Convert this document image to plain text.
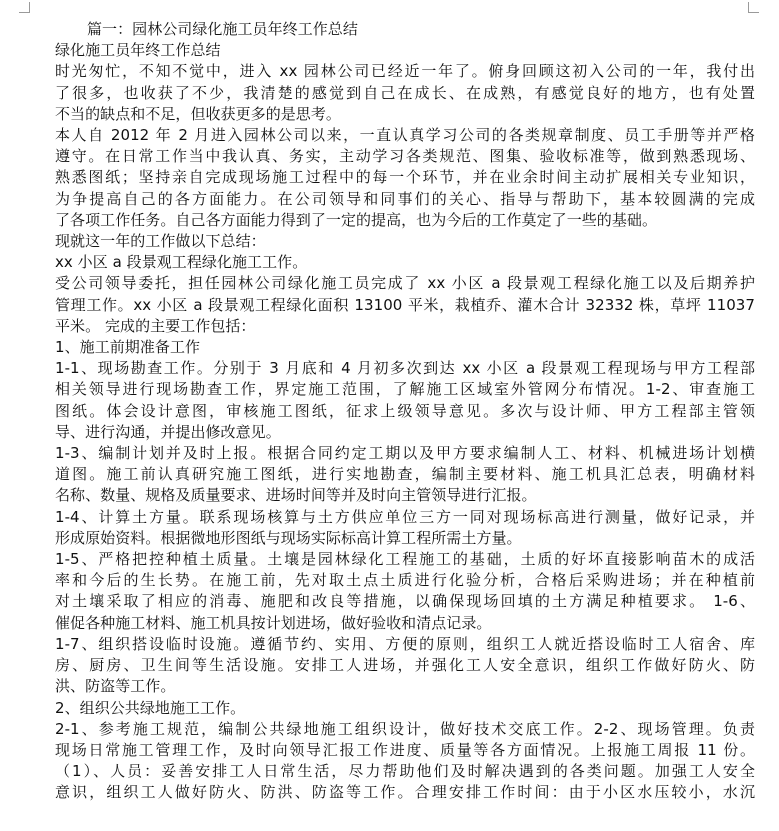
篇一：园林公司绿化施工员年终工作总结
绿化施工员年终工作总结
时光匆忙，不知不觉中，进入 xx 园林公司已经近一年了。俯身回顾这初入公司的一年，我付出
了很多，也收获了不少，我清楚的感觉到自己在成长、在成熟，有感觉良好的地方，也有处置
不当的缺点和不足，但收获更多的是思考。
本人自 2012 年 2 月进入园林公司以来，一直认真学习公司的各类规章制度、员工手册等并严格
遵守。在日常工作当中我认真、务实，主动学习各类规范、图集、验收标准等，做到熟悉现场、
熟悉图纸；坚持亲自完成现场施工过程中的每一个环节，并在业余时间主动扩展相关专业知识，
为争提高自己的各方面能力。在公司领导和同事们的关心、指导与帮助下，基本较圆满的完成
了各项工作任务。自己各方面能力得到了一定的提高，也为今后的工作莫定了一些的基础。
现就这一年的工作做以下总结：
xx 小区 a 段景观工程绿化施工工作。
受公司领导委托，担任园林公司绿化施工员完成了 xx 小区 a 段景观工程绿化施工以及后期养护
管理工作。xx 小区 a 段景观工程绿化面积 13100 平米，栽植乔、灌木合计 32332 株，草坪 11037
平米。 完成的主要工作包括：
1、施工前期准备工作
1-1、现场勘查工作。分别于 3 月底和 4 月初多次到达 xx 小区 a 段景观工程现场与甲方工程部
相关领导进行现场勘查工作，界定施工范围，了解施工区域室外管网分布情况。1-2、审查施工
图纸。体会设计意图，审核施工图纸，征求上级领导意见。多次与设计师、甲方工程部主管领
导、进行沟通，并提出修改意见。
1-3、编制计划并及时上报。根据合同约定工期以及甲方要求编制人工、材料、机械进场计划横
道图。施工前认真研究施工图纸，进行实地勘查，编制主要材料、施工机具汇总表，明确材料
名称、数量、规格及质量要求、进场时间等并及时向主管领导进行汇报。
1-4、计算土方量。联系现场核算与土方供应单位三方一同对现场标高进行测量，做好记录，并
形成原始资料。根据微地形图纸与现场实际标高计算工程所需土方量。
1-5、严格把控种植土质量。土壤是园林绿化工程施工的基础，土质的好坏直接影响苗木的成活
率和今后的生长势。在施工前，先对取土点土质进行化验分析，合格后采购进场；并在种植前
对土壤采取了相应的消毒、施肥和改良等措施，以确保现场回填的土方满足种植要求。 1-6、
催促各种施工材料、施工机具按计划进场，做好验收和清点记录。
1-7、组织搭设临时设施。遵循节约、实用、方便的原则，组织工人就近搭设临时工人宿舍、库
房、厨房、卫生间等生活设施。安排工人进场，并强化工人安全意识，组织工作做好防火、防
洪、防盗等工作。
2、组织公共绿地施工工作。
2-1、参考施工规范，编制公共绿地施工组织设计，做好技术交底工作。2-2、现场管理。负责
现场日常施工管理工作，及时向领导汇报工作进度、质量等各方面情况。上报施工周报 11 份。
（1）、人员：妥善安排工人日常生活，尽力帮助他们及时解决遇到的各类问题。加强工人安全
意识，组织工人做好防火、防洪、防盗等工作。合理安排工作时间：由于小区水压较小，水沉
